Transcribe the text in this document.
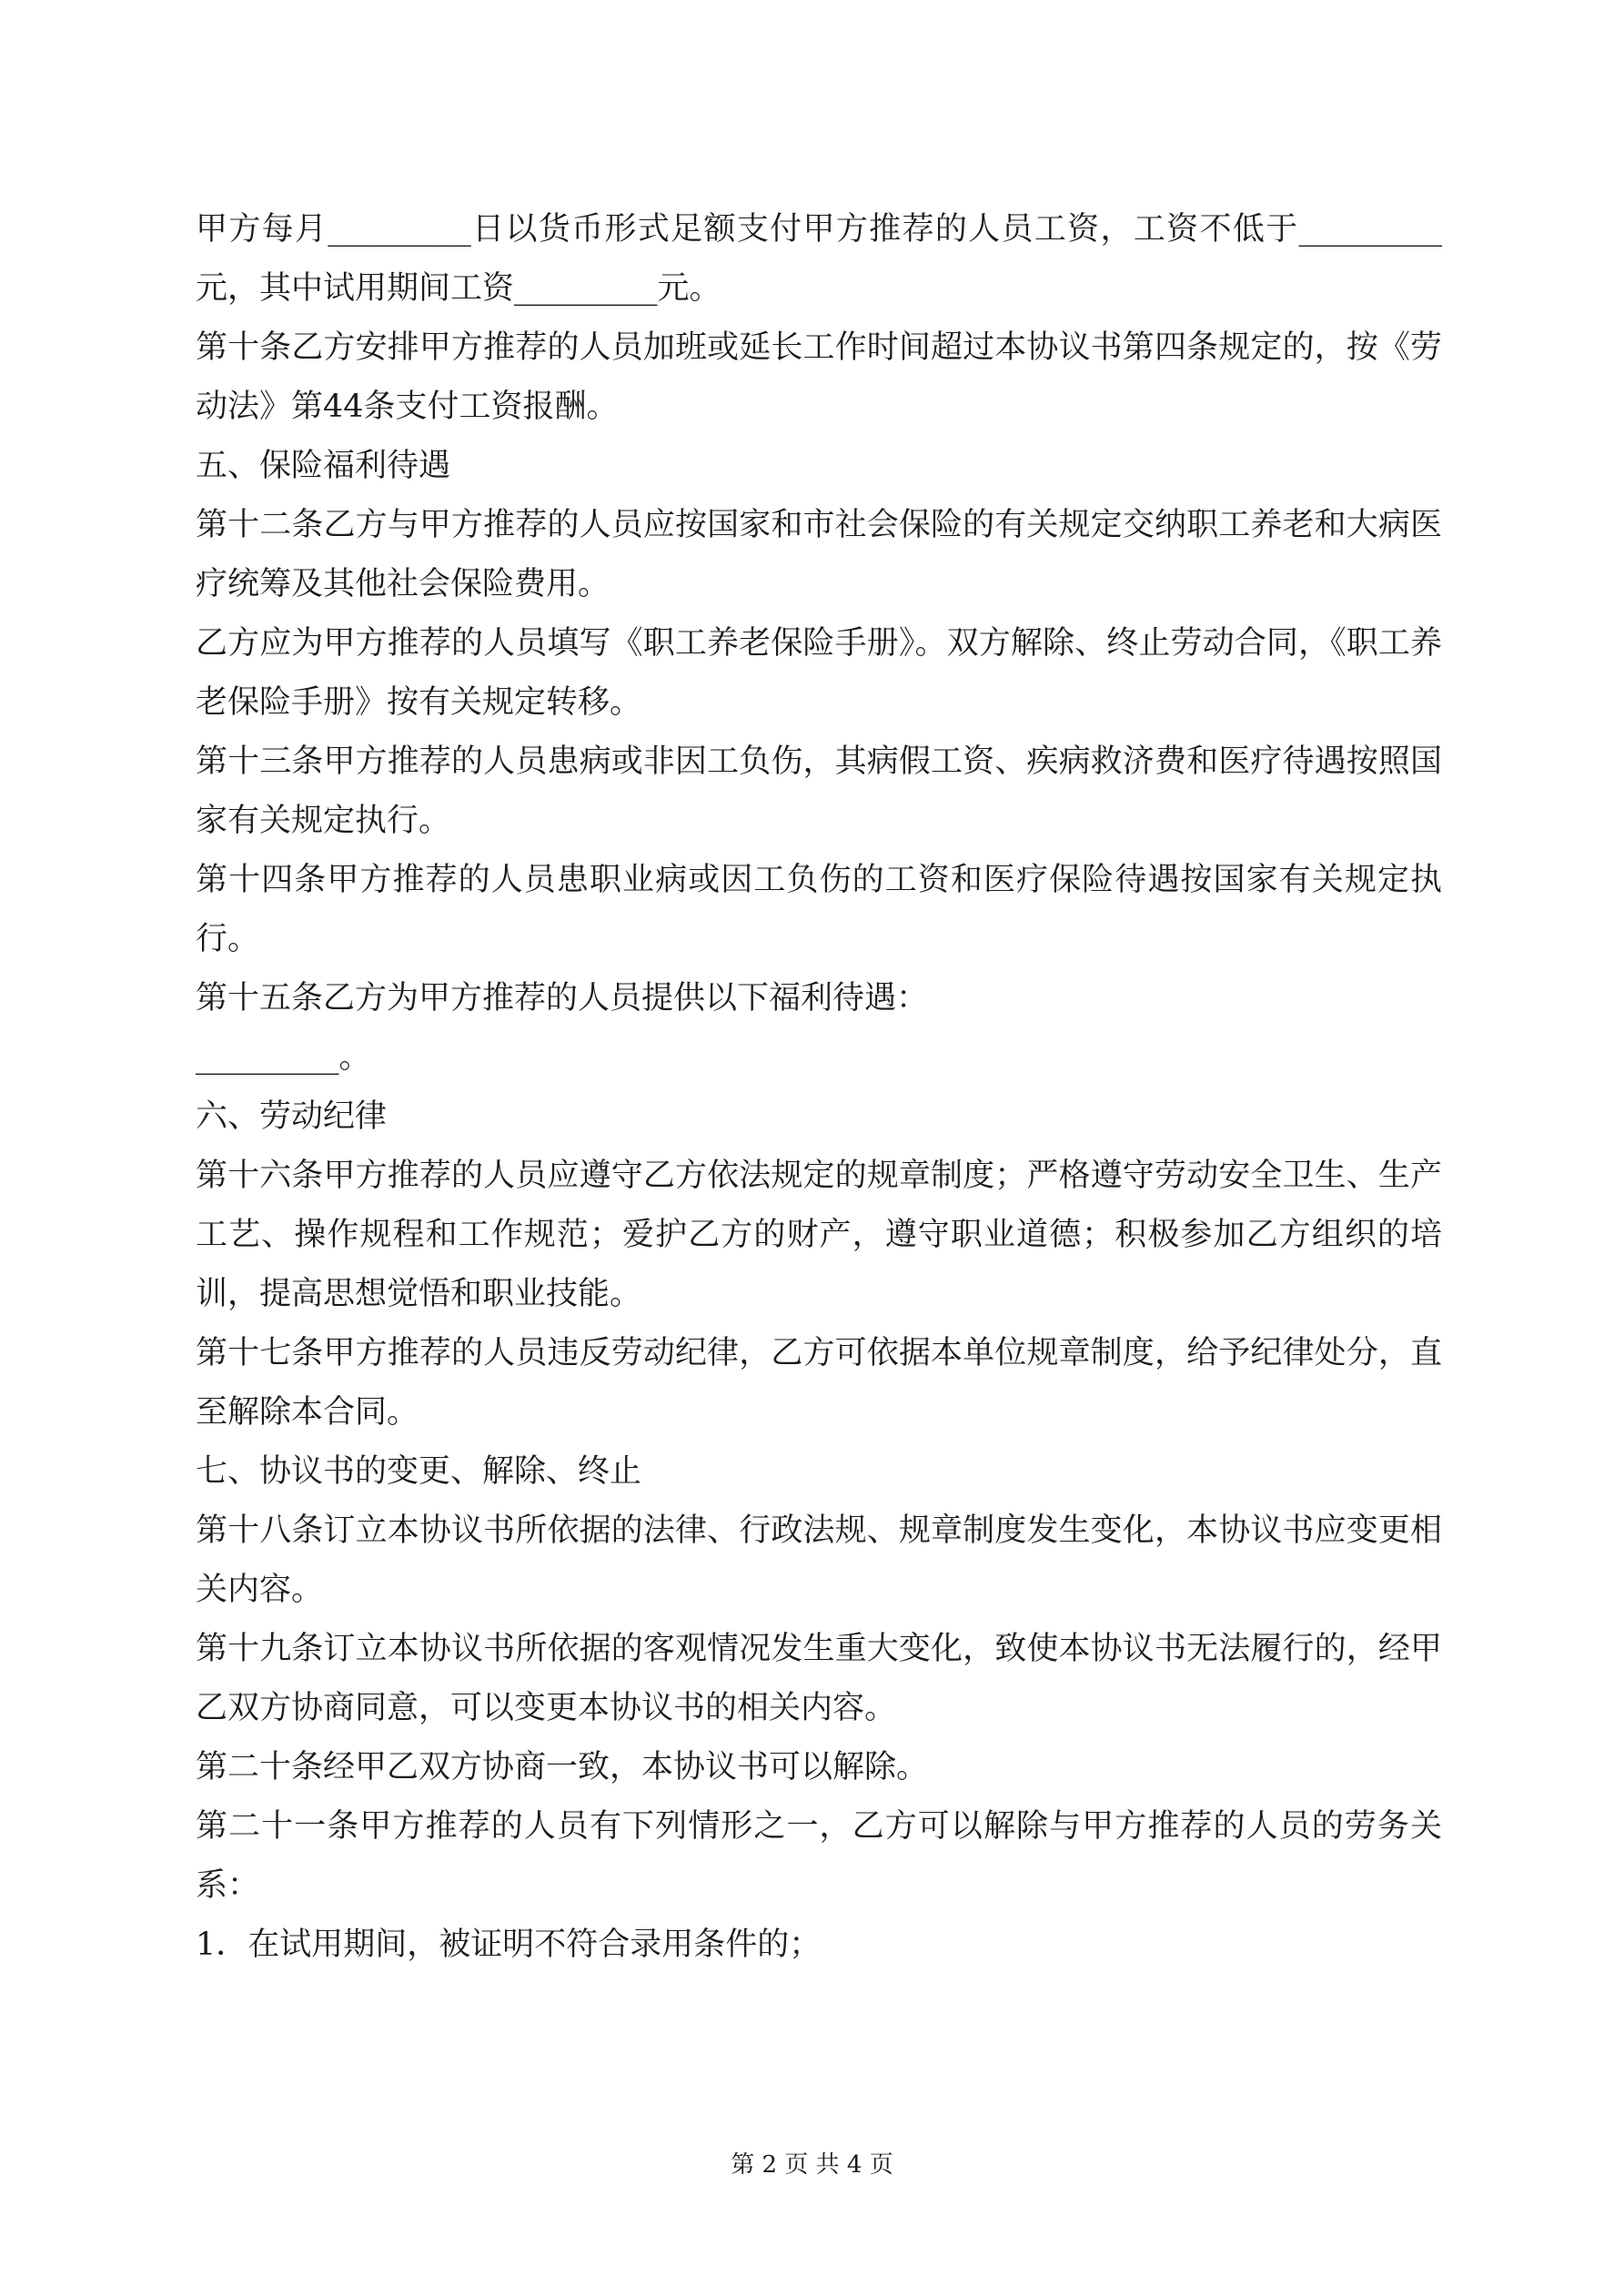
甲方每月_________日以货币形式足额支付甲方推荐的人员工资，工资不低于_________元，其中试用期间工资_________元。

第十条乙方安排甲方推荐的人员加班或延长工作时间超过本协议书第四条规定的，按《劳动法》第44条支付工资报酬。

五、保险福利待遇

第十二条乙方与甲方推荐的人员应按国家和市社会保险的有关规定交纳职工养老和大病医疗统筹及其他社会保险费用。

乙方应为甲方推荐的人员填写《职工养老保险手册》。双方解除、终止劳动合同，《职工养老保险手册》按有关规定转移。

第十三条甲方推荐的人员患病或非因工负伤，其病假工资、疾病救济费和医疗待遇按照国家有关规定执行。

第十四条甲方推荐的人员患职业病或因工负伤的工资和医疗保险待遇按国家有关规定执行。

第十五条乙方为甲方推荐的人员提供以下福利待遇：

_________。

六、劳动纪律

第十六条甲方推荐的人员应遵守乙方依法规定的规章制度；严格遵守劳动安全卫生、生产工艺、操作规程和工作规范；爱护乙方的财产，遵守职业道德；积极参加乙方组织的培训，提高思想觉悟和职业技能。

第十七条甲方推荐的人员违反劳动纪律，乙方可依据本单位规章制度，给予纪律处分，直至解除本合同。

七、协议书的变更、解除、终止

第十八条订立本协议书所依据的法律、行政法规、规章制度发生变化，本协议书应变更相关内容。

第十九条订立本协议书所依据的客观情况发生重大变化，致使本协议书无法履行的，经甲乙双方协商同意，可以变更本协议书的相关内容。

第二十条经甲乙双方协商一致，本协议书可以解除。

第二十一条甲方推荐的人员有下列情形之一，乙方可以解除与甲方推荐的人员的劳务关系：

1．在试用期间，被证明不符合录用条件的；

第 2 页 共 4 页
